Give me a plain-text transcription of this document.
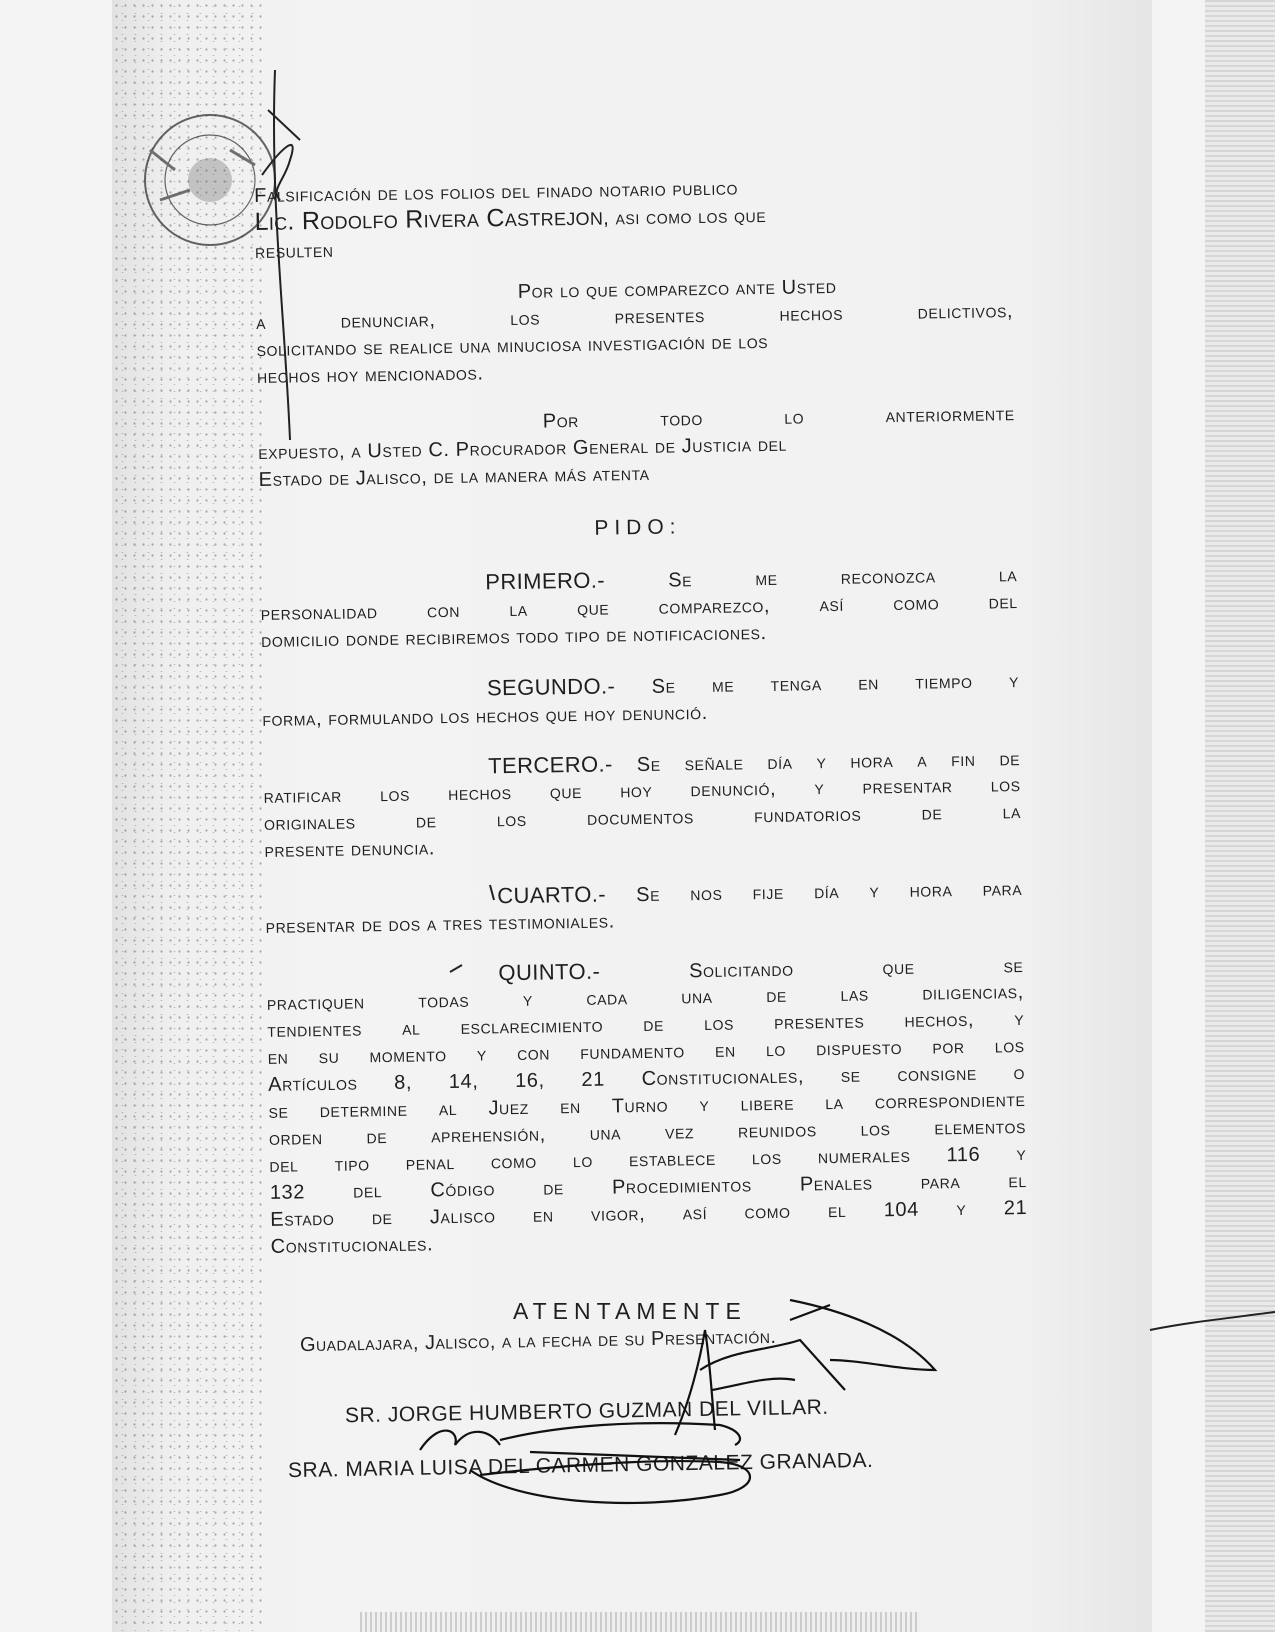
Falsificación de los folios del finado notario publico
Lic. Rodolfo Rivera Castrejon, asi como los que
resulten
Por lo que comparezco ante Usted
a denunciar, los presentes hechos delictivos,
solicitando se realice una minuciosa investigación de los
hechos hoy mencionados.
Por todo lo anteriormente
expuesto, a Usted C. Procurador General de Justicia del
Estado de Jalisco, de la manera más atenta
PIDO:
PRIMERO.-	Se me reconozca la
personalidad con la que comparezco, así como del
domicilio donde recibiremos todo tipo de notificaciones.
SEGUNDO.- Se me tenga en tiempo y
forma, formulando los hechos que hoy denunció.
TERCERO.- Se señale día y hora a fin de
ratificar los hechos que hoy denunció, y presentar los
originales de los documentos fundatorios de la
presente denuncia.
CUARTO.- Se nos fije día y hora para
presentar de dos a tres testimoniales.
QUINTO.-	Solicitando que se
practiquen todas y cada una de las diligencias,
tendientes al esclarecimiento de los presentes hechos, y
en su momento y con fundamento en lo dispuesto por los
Artículos 8, 14, 16, 21 Constitucionales, se consigne o
se determine al Juez en Turno y libere la correspondiente
orden de aprehensión, una vez reunidos los elementos
del tipo penal como lo establece los numerales 116 y
132 del Código de Procedimientos Penales para el
Estado de Jalisco en vigor, así como el 104 y 21
Constitucionales.
ATENTAMENTE
Guadalajara, Jalisco, a la fecha de su Presentación.
SR. JORGE HUMBERTO GUZMAN DEL VILLAR.
SRA. MARIA LUISA DEL CARMEN GONZALEZ GRANADA.
